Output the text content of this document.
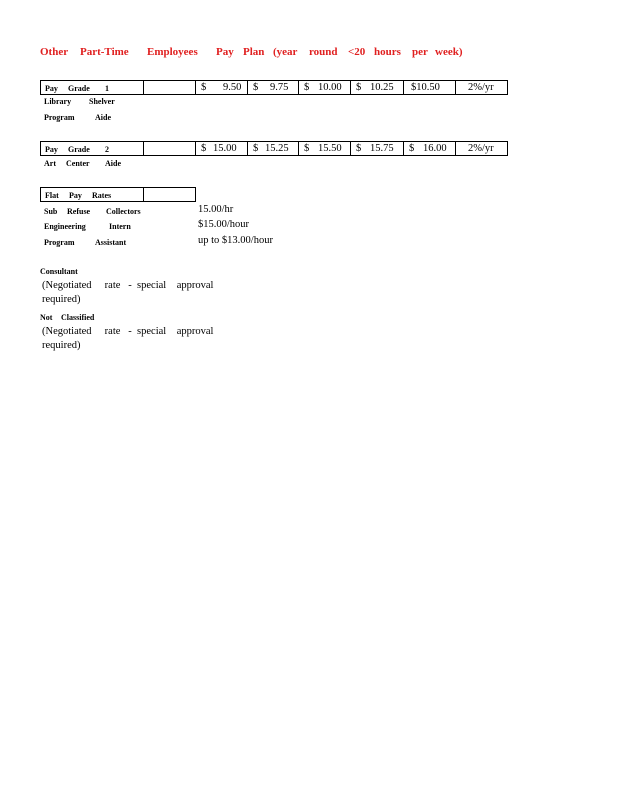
Other Part-Time Employees Pay Plan (year round <20 hours per week)
Pay Grade 1	$ 9.50 $ 9.75 $ 10.00 $ 10.25 $10.50	2%/yr
Library Shelver
Program	Aide
Pay Grade 2	$ 15.00 $ 15.25 $ 15.50 $ 15.75 $ 16.00 2%/yr
Art Center Aide
Flat Pay Rates
Sub Refuse Collectors	15.00/hr
Engineering	Intern	$15.00/hour
Program	Assistant	up to $13.00/hour
Consultant
(Negotiated     rate   -  special    approval
required)
Not Classified
(Negotiated     rate   -  special    approval
required)
